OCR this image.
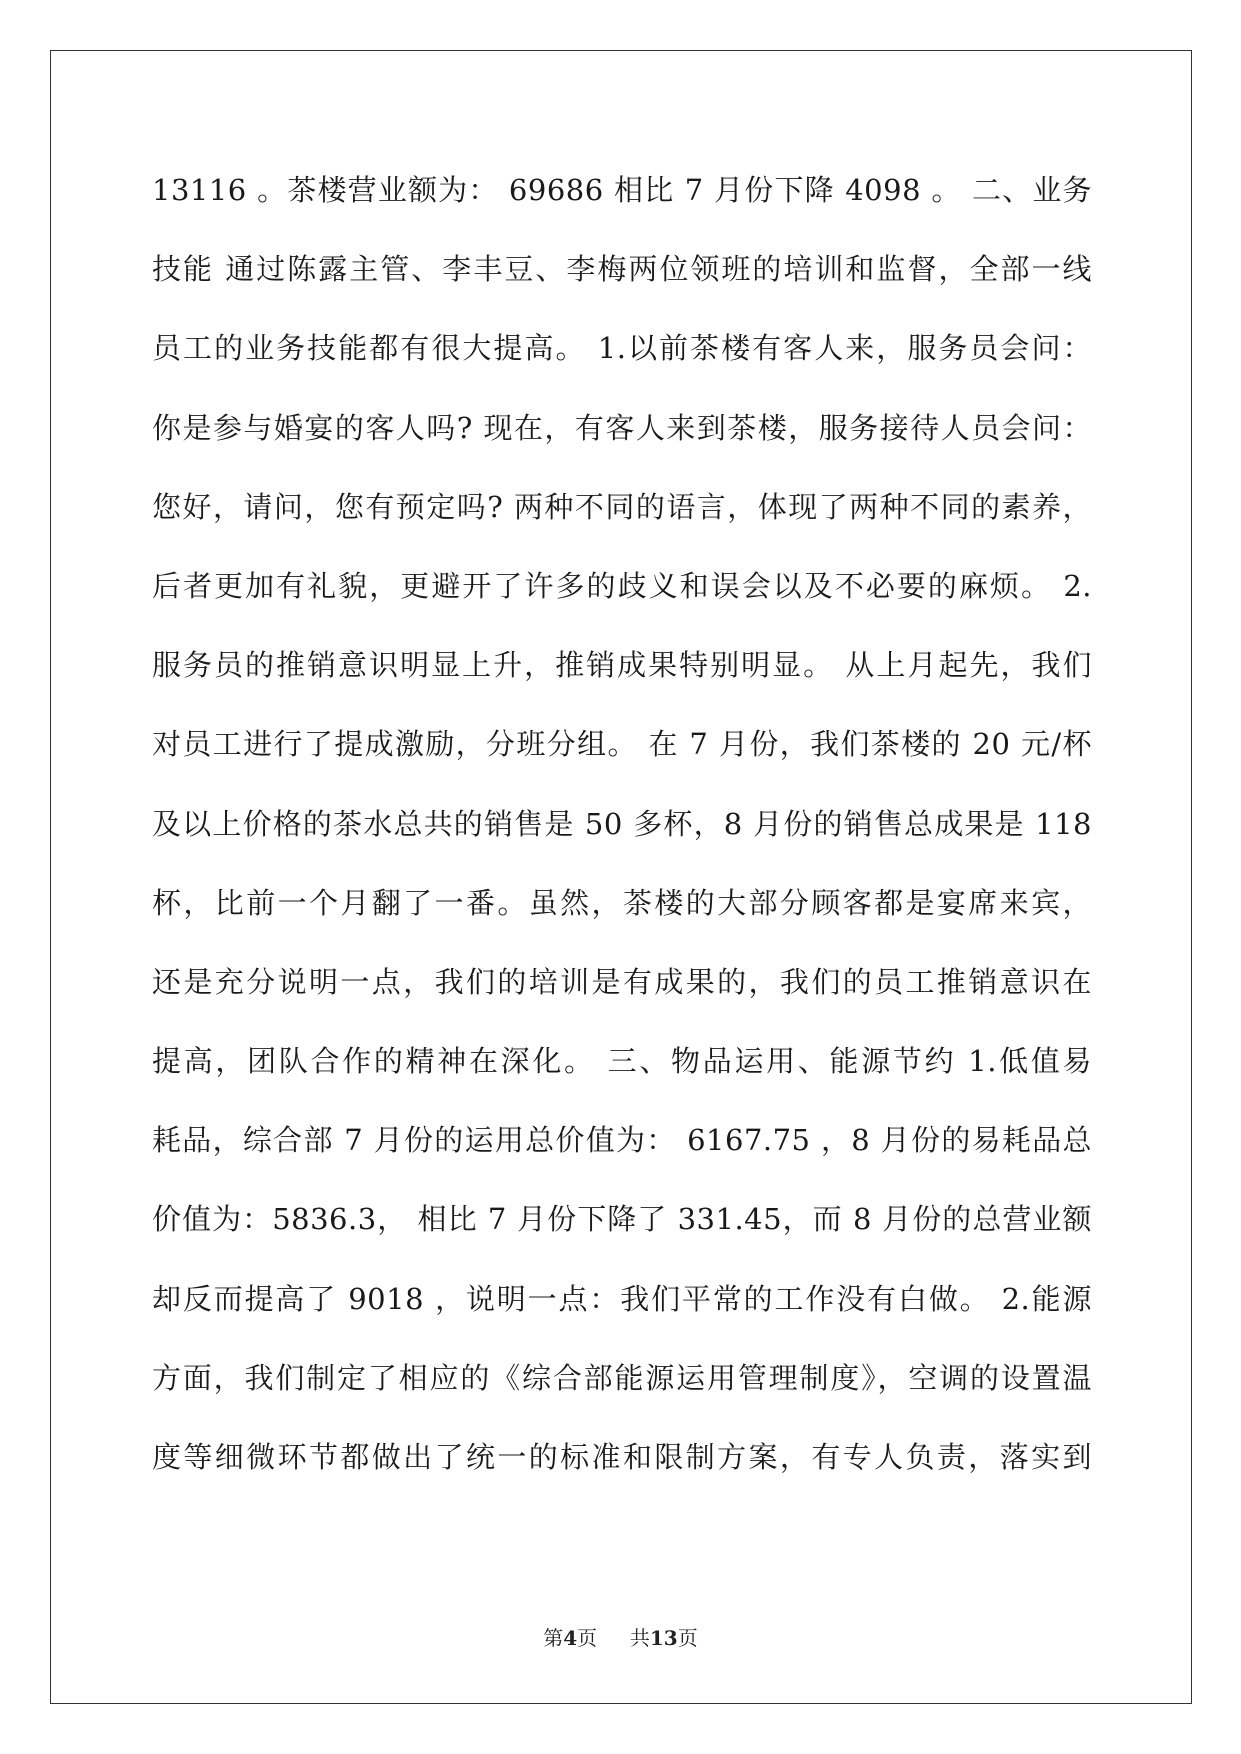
13116 。茶楼营业额为： 69686 相比 7 月份下降 4098 。 二、业务
技能 通过陈露主管、李丰豆、李梅两位领班的培训和监督，全部一线
员工的业务技能都有很大提高。 1.以前茶楼有客人来，服务员会问：
你是参与婚宴的客人吗? 现在，有客人来到茶楼，服务接待人员会问：
您好，请问，您有预定吗? 两种不同的语言，体现了两种不同的素养，
后者更加有礼貌，更避开了许多的歧义和误会以及不必要的麻烦。 2.
服务员的推销意识明显上升，推销成果特别明显。 从上月起先，我们
对员工进行了提成激励，分班分组。 在 7 月份，我们茶楼的 20 元/杯
及以上价格的茶水总共的销售是 50 多杯，8 月份的销售总成果是 118
杯，比前一个月翻了一番。虽然，茶楼的大部分顾客都是宴席来宾，
还是充分说明一点，我们的培训是有成果的，我们的员工推销意识在
提高，团队合作的精神在深化。 三、物品运用、能源节约 1.低值易
耗品，综合部 7 月份的运用总价值为： 6167.75 ，8 月份的易耗品总
价值为：5836.3， 相比 7 月份下降了 331.45，而 8 月份的总营业额
却反而提高了 9018 ，说明一点：我们平常的工作没有白做。 2.能源
方面，我们制定了相应的《综合部能源运用管理制度》，空调的设置温
度等细微环节都做出了统一的标准和限制方案，有专人负责，落实到
第4页 共13页
